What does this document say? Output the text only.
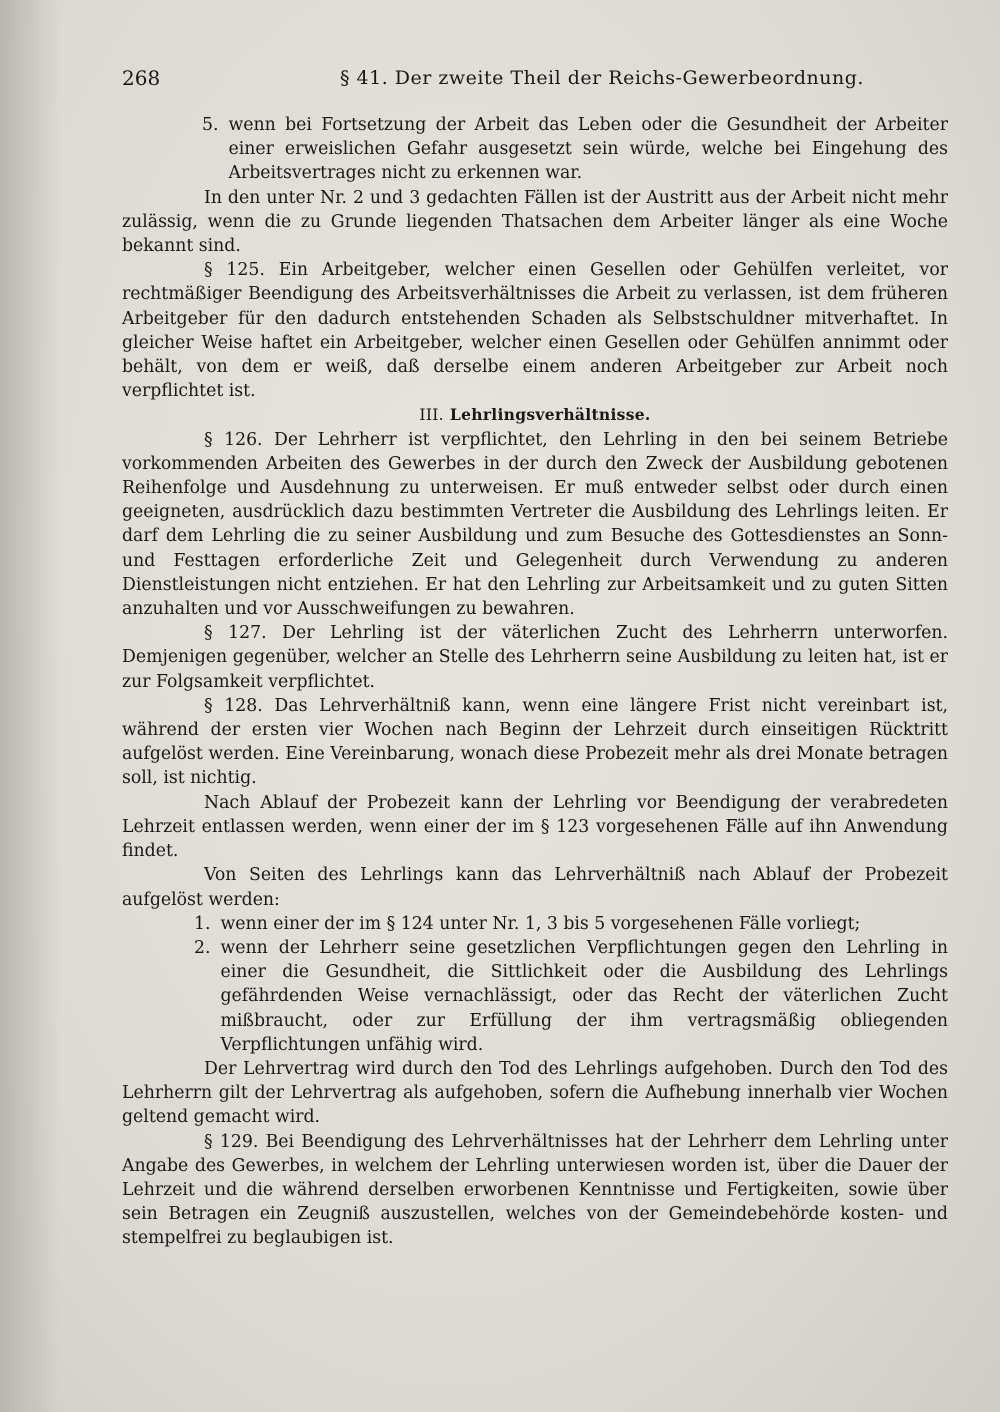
268	§ 41. Der zweite Theil der Reichs-Gewerbeordnung.
5. wenn bei Fortsetzung der Arbeit das Leben oder die Gesundheit der Arbeiter einer erweislichen Gefahr ausgesetzt sein würde, welche bei Eingehung des Arbeitsvertrages nicht zu erkennen war.

In den unter Nr. 2 und 3 gedachten Fällen ist der Austritt aus der Arbeit nicht mehr zulässig, wenn die zu Grunde liegenden Thatsachen dem Arbeiter länger als eine Woche bekannt sind.

§ 125. Ein Arbeitgeber, welcher einen Gesellen oder Gehülfen verleitet, vor rechtmäßiger Beendigung des Arbeitsverhältnisses die Arbeit zu verlassen, ist dem früheren Arbeitgeber für den dadurch entstehenden Schaden als Selbstschuldner mitverhaftet. In gleicher Weise haftet ein Arbeitgeber, welcher einen Gesellen oder Gehülfen annimmt oder behält, von dem er weiß, daß derselbe einem anderen Arbeitgeber zur Arbeit noch verpflichtet ist.

III. Lehrlingsverhältnisse.

§ 126. Der Lehrherr ist verpflichtet, den Lehrling in den bei seinem Betriebe vorkommenden Arbeiten des Gewerbes in der durch den Zweck der Ausbildung gebotenen Reihenfolge und Ausdehnung zu unterweisen. Er muß entweder selbst oder durch einen geeigneten, ausdrücklich dazu bestimmten Vertreter die Ausbildung des Lehrlings leiten. Er darf dem Lehrling die zu seiner Ausbildung und zum Besuche des Gottesdienstes an Sonn- und Festtagen erforderliche Zeit und Gelegenheit durch Verwendung zu anderen Dienstleistungen nicht entziehen. Er hat den Lehrling zur Arbeitsamkeit und zu guten Sitten anzuhalten und vor Ausschweifungen zu bewahren.

§ 127. Der Lehrling ist der väterlichen Zucht des Lehrherrn unterworfen. Demjenigen gegenüber, welcher an Stelle des Lehrherrn seine Ausbildung zu leiten hat, ist er zur Folgsamkeit verpflichtet.

§ 128. Das Lehrverhältniß kann, wenn eine längere Frist nicht vereinbart ist, während der ersten vier Wochen nach Beginn der Lehrzeit durch einseitigen Rücktritt aufgelöst werden. Eine Vereinbarung, wonach diese Probezeit mehr als drei Monate betragen soll, ist nichtig.

Nach Ablauf der Probezeit kann der Lehrling vor Beendigung der verabredeten Lehrzeit entlassen werden, wenn einer der im § 123 vorgesehenen Fälle auf ihn Anwendung findet.

Von Seiten des Lehrlings kann das Lehrverhältniß nach Ablauf der Probezeit aufgelöst werden:

1. wenn einer der im § 124 unter Nr. 1, 3 bis 5 vorgesehenen Fälle vorliegt;
2. wenn der Lehrherr seine gesetzlichen Verpflichtungen gegen den Lehrling in einer die Gesundheit, die Sittlichkeit oder die Ausbildung des Lehrlings gefährdenden Weise vernachlässigt, oder das Recht der väterlichen Zucht mißbraucht, oder zur Erfüllung der ihm vertragsmäßig obliegenden Verpflichtungen unfähig wird.

Der Lehrvertrag wird durch den Tod des Lehrlings aufgehoben. Durch den Tod des Lehrherrn gilt der Lehrvertrag als aufgehoben, sofern die Aufhebung innerhalb vier Wochen geltend gemacht wird.

§ 129. Bei Beendigung des Lehrverhältnisses hat der Lehrherr dem Lehrling unter Angabe des Gewerbes, in welchem der Lehrling unterwiesen worden ist, über die Dauer der Lehrzeit und die während derselben erworbenen Kenntnisse und Fertigkeiten, sowie über sein Betragen ein Zeugniß auszustellen, welches von der Gemeindebehörde kosten- und stempelfrei zu beglaubigen ist.
